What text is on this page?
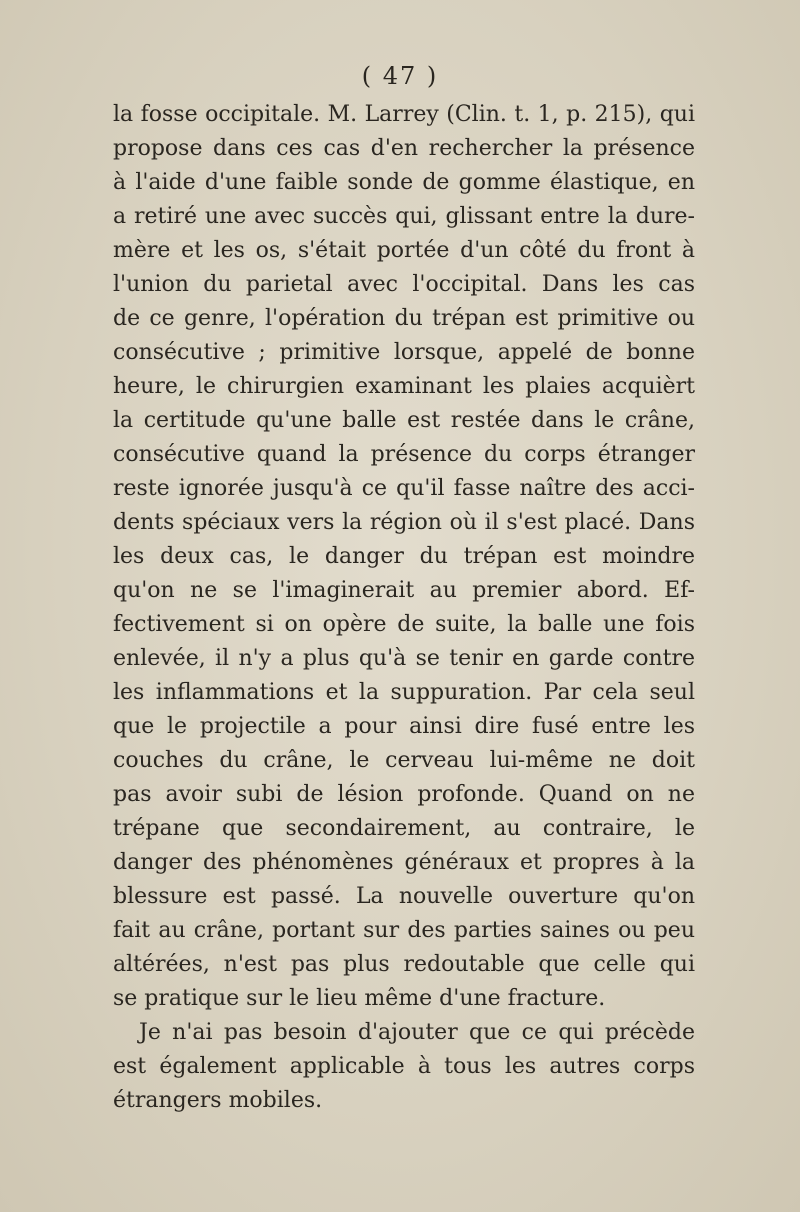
( 47 )
la fosse occipitale. M. Larrey (Clin. t. 1, p. 215), qui
propose dans ces cas d'en rechercher la présence
à l'aide d'une faible sonde de gomme élastique, en
a retiré une avec succès qui, glissant entre la dure-
mère et les os, s'était portée d'un côté du front à
l'union du parietal avec l'occipital. Dans les cas
de ce genre, l'opération du trépan est primitive ou
consécutive ; primitive lorsque, appelé de bonne
heure, le chirurgien examinant les plaies acquièrt
la certitude qu'une balle est restée dans le crâne,
consécutive quand la présence du corps étranger
reste ignorée jusqu'à ce qu'il fasse naître des acci-
dents spéciaux vers la région où il s'est placé. Dans
les deux cas, le danger du trépan est moindre
qu'on ne se l'imaginerait au premier abord. Ef-
fectivement si on opère de suite, la balle une fois
enlevée, il n'y a plus qu'à se tenir en garde contre
les inflammations et la suppuration. Par cela seul
que le projectile a pour ainsi dire fusé entre les
couches du crâne, le cerveau lui-même ne doit
pas avoir subi de lésion profonde. Quand on ne
trépane que secondairement, au contraire, le
danger des phénomènes généraux et propres à la
blessure est passé. La nouvelle ouverture qu'on
fait au crâne, portant sur des parties saines ou peu
altérées, n'est pas plus redoutable que celle qui
se pratique sur le lieu même d'une fracture.
Je n'ai pas besoin d'ajouter que ce qui précède
est également applicable à tous les autres corps
étrangers mobiles.
